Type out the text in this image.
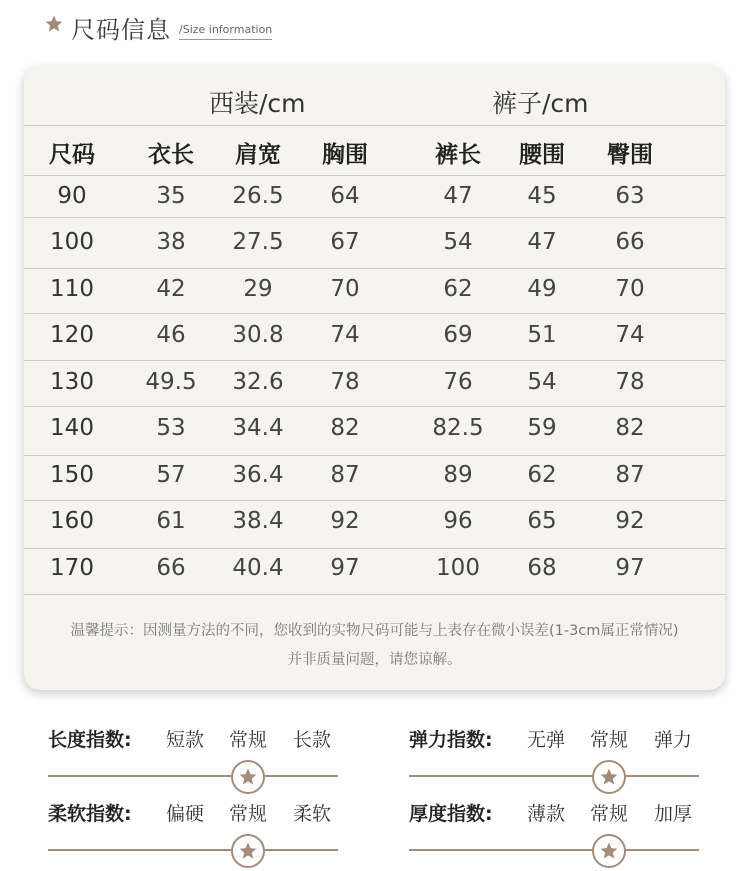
尺码信息 /Size information
西装/cm	裤子/cm
尺码	衣长	肩宽	胸围	裤长	腰围	臀围
90	35	26.5	64	47	45	63
100	38	27.5	67	54	47	66
110	42	29	70	62	49	70
120	46	30.8	74	69	51	74
130	49.5	32.6	78	76	54	78
140	53	34.4	82	82.5	59	82
150	57	36.4	87	89	62	87
160	61	38.4	92	96	65	92
170	66	40.4	97	100	68	97
温馨提示：因测量方法的不同，您收到的实物尺码可能与上表存在微小误差(1-3cm属正常情况)
并非质量问题，请您谅解。
长度指数:	短款	常规	长款	弹力指数:	无弹	常规	弹力
柔软指数:	偏硬	常规	柔软	厚度指数:	薄款	常规	加厚
